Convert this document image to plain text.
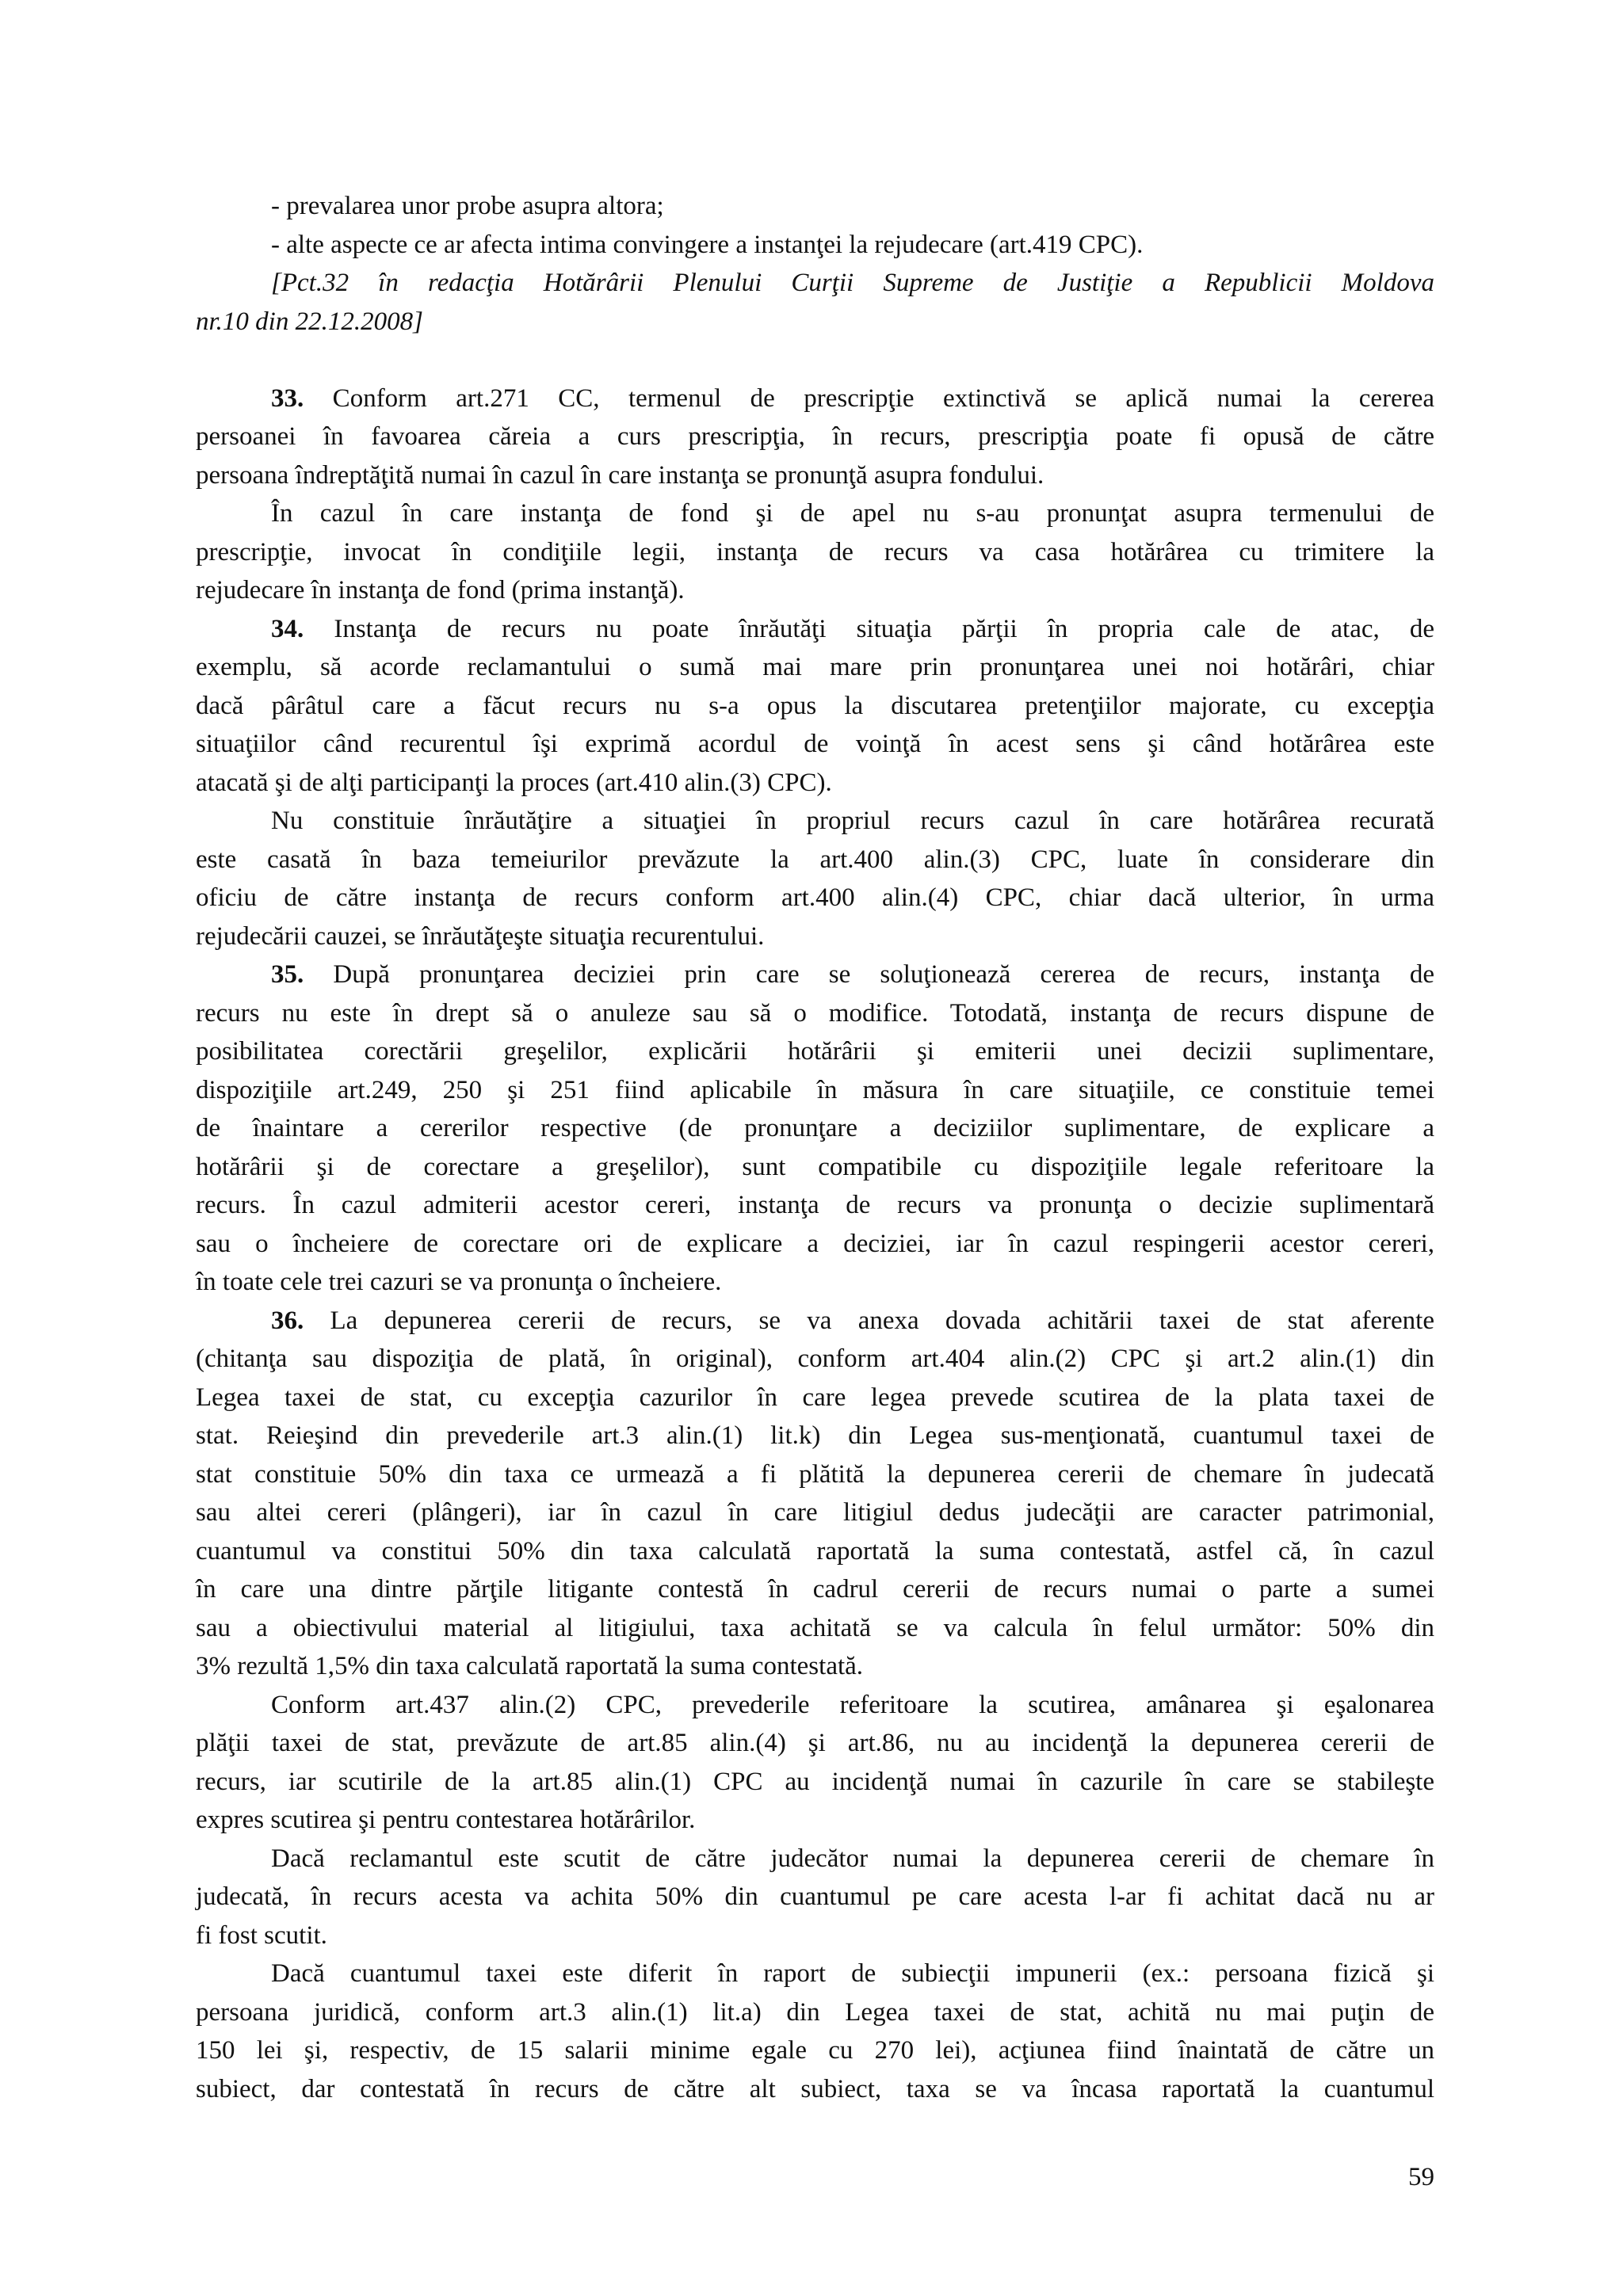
- prevalarea unor probe asupra altora;
- alte aspecte ce ar afecta intima convingere a instanţei la rejudecare (art.419 CPC).
[Pct.32 în redacţia Hotărârii Plenului Curţii Supreme de Justiţie a Republicii Moldova
nr.10 din 22.12.2008]
33. Conform art.271 CC, termenul de prescripţie extinctivă se aplică numai la cererea
persoanei în favoarea căreia a curs prescripţia, în recurs, prescripţia poate fi opusă de către
persoana îndreptăţită numai în cazul în care instanţa se pronunţă asupra fondului.
În cazul în care instanţa de fond şi de apel nu s-au pronunţat asupra termenului de
prescripţie, invocat în condiţiile legii, instanţa de recurs va casa hotărârea cu trimitere la
rejudecare în instanţa de fond (prima instanţă).
34. Instanţa de recurs nu poate înrăutăţi situaţia părţii în propria cale de atac, de
exemplu, să acorde reclamantului o sumă mai mare prin pronunţarea unei noi hotărâri, chiar
dacă pârâtul care a făcut recurs nu s-a opus la discutarea pretenţiilor majorate, cu excepţia
situaţiilor când recurentul îşi exprimă acordul de voinţă în acest sens şi când hotărârea este
atacată şi de alţi participanţi la proces (art.410 alin.(3) CPC).
Nu constituie înrăutăţire a situaţiei în propriul recurs cazul în care hotărârea recurată
este casată în baza temeiurilor prevăzute la art.400 alin.(3) CPC, luate în considerare din
oficiu de către instanţa de recurs conform art.400 alin.(4) CPC, chiar dacă ulterior, în urma
rejudecării cauzei, se înrăutăţeşte situaţia recurentului.
35. După pronunţarea deciziei prin care se soluţionează cererea de recurs, instanţa de
recurs nu este în drept să o anuleze sau să o modifice. Totodată, instanţa de recurs dispune de
posibilitatea corectării greşelilor, explicării hotărârii şi emiterii unei decizii suplimentare,
dispoziţiile art.249, 250 şi 251 fiind aplicabile în măsura în care situaţiile, ce constituie temei
de înaintare a cererilor respective (de pronunţare a deciziilor suplimentare, de explicare a
hotărârii şi de corectare a greşelilor), sunt compatibile cu dispoziţiile legale referitoare la
recurs. În cazul admiterii acestor cereri, instanţa de recurs va pronunţa o decizie suplimentară
sau o încheiere de corectare ori de explicare a deciziei, iar în cazul respingerii acestor cereri,
în toate cele trei cazuri se va pronunţa o încheiere.
36. La depunerea cererii de recurs, se va anexa dovada achitării taxei de stat aferente
(chitanţa sau dispoziţia de plată, în original), conform art.404 alin.(2) CPC şi art.2 alin.(1) din
Legea taxei de stat, cu excepţia cazurilor în care legea prevede scutirea de la plata taxei de
stat. Reieşind din prevederile art.3 alin.(1) lit.k) din Legea sus-menţionată, cuantumul taxei de
stat constituie 50% din taxa ce urmează a fi plătită la depunerea cererii de chemare în judecată
sau altei cereri (plângeri), iar în cazul în care litigiul dedus judecăţii are caracter patrimonial,
cuantumul va constitui 50% din taxa calculată raportată la suma contestată, astfel că, în cazul
în care una dintre părţile litigante contestă în cadrul cererii de recurs numai o parte a sumei
sau a obiectivului material al litigiului, taxa achitată se va calcula în felul următor: 50% din
3% rezultă 1,5% din taxa calculată raportată la suma contestată.
Conform art.437 alin.(2) CPC, prevederile referitoare la scutirea, amânarea şi eşalonarea
plăţii taxei de stat, prevăzute de art.85 alin.(4) şi art.86, nu au incidenţă la depunerea cererii de
recurs, iar scutirile de la art.85 alin.(1) CPC au incidenţă numai în cazurile în care se stabileşte
expres scutirea şi pentru contestarea hotărârilor.
Dacă reclamantul este scutit de către judecător numai la depunerea cererii de chemare în
judecată, în recurs acesta va achita 50% din cuantumul pe care acesta l-ar fi achitat dacă nu ar
fi fost scutit.
Dacă cuantumul taxei este diferit în raport de subiecţii impunerii (ex.: persoana fizică şi
persoana juridică, conform art.3 alin.(1) lit.a) din Legea taxei de stat, achită nu mai puţin de
150 lei şi, respectiv, de 15 salarii minime egale cu 270 lei), acţiunea fiind înaintată de către un
subiect, dar contestată în recurs de către alt subiect, taxa se va încasa raportată la cuantumul
59
